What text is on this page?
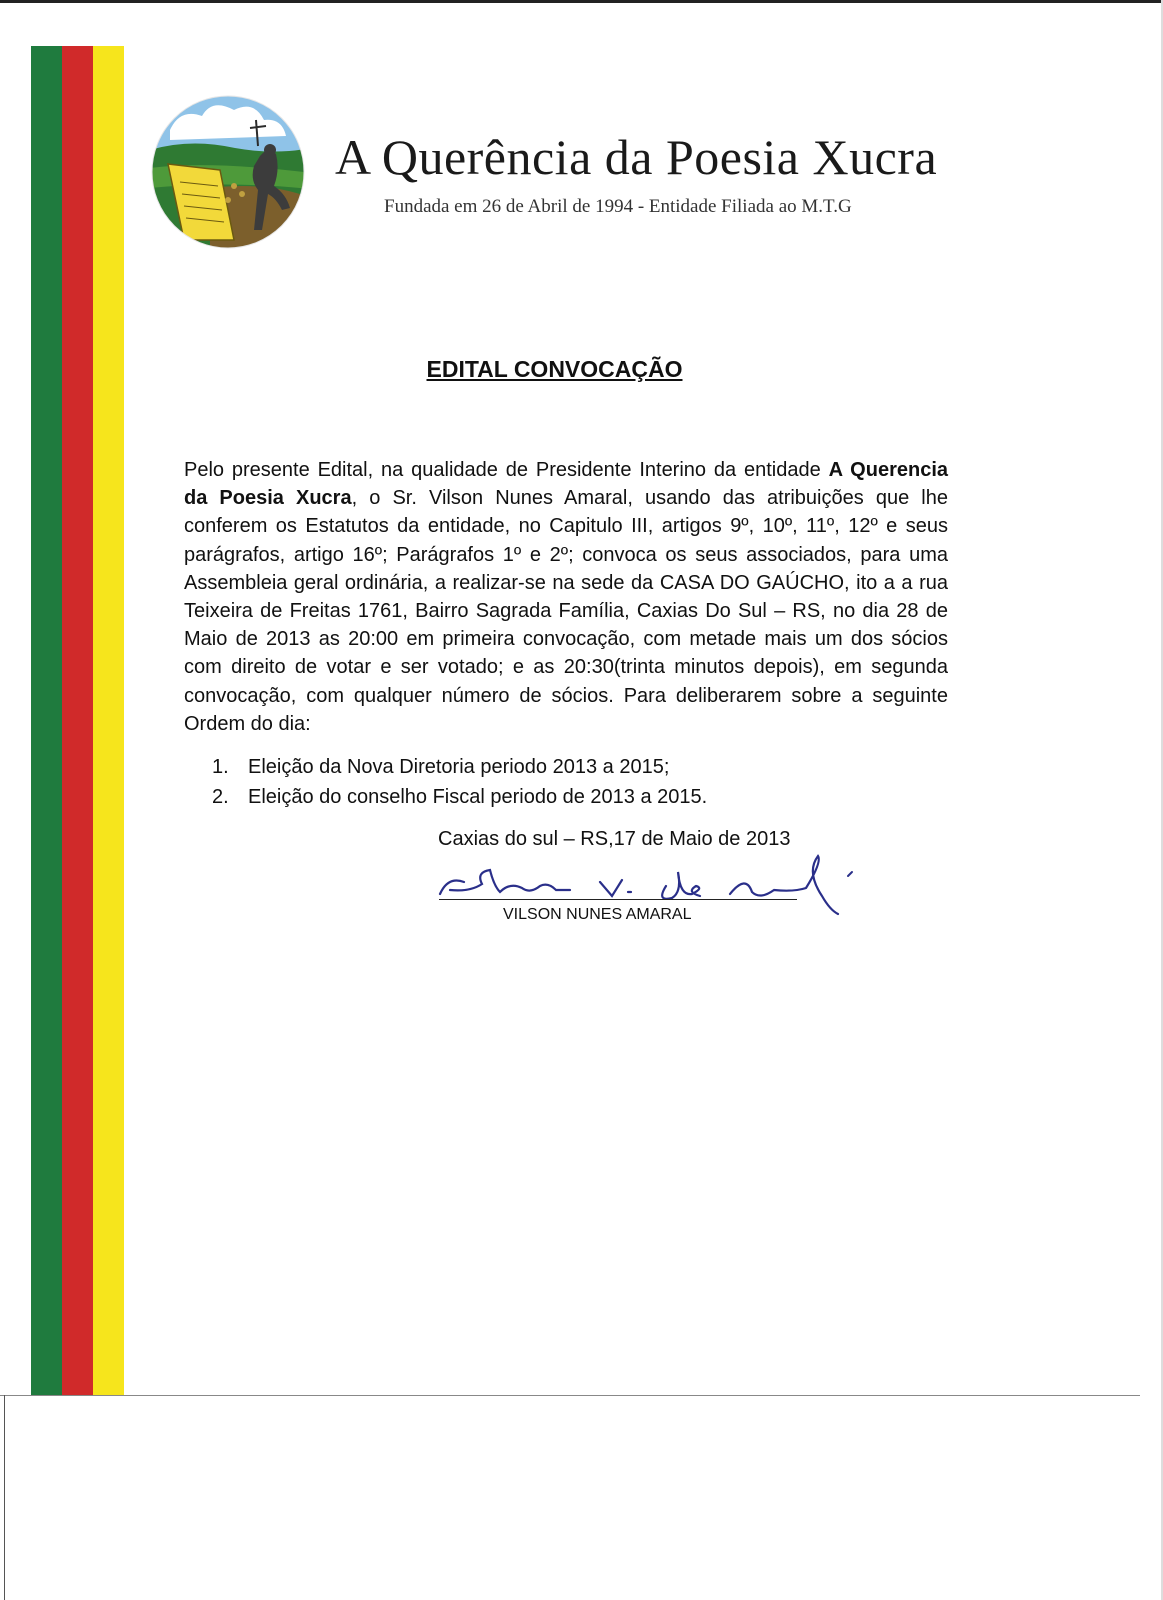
A Querência da Poesia Xucra
Fundada em 26 de Abril de 1994 - Entidade Filiada ao M.T.G
EDITAL CONVOCAÇÃO

Pelo presente Edital, na qualidade de Presidente Interino da entidade A Querencia da Poesia Xucra, o Sr. Vilson Nunes Amaral, usando das atribuições que lhe conferem os Estatutos da entidade, no Capitulo III, artigos 9º, 10º, 11º, 12º e seus parágrafos, artigo 16º; Parágrafos 1º e 2º; convoca os seus associados, para uma Assembleia geral ordinária, a realizar-se na sede da CASA DO GAÚCHO, ito a a rua Teixeira de Freitas 1761, Bairro Sagrada Família, Caxias Do Sul – RS, no dia 28 de Maio de 2013 as 20:00 em primeira convocação, com metade mais um dos sócios com direito de votar e ser votado; e as 20:30(trinta minutos depois), em segunda convocação, com qualquer número de sócios. Para deliberarem sobre a seguinte Ordem do dia:

1. Eleição da Nova Diretoria periodo 2013 a 2015;
2. Eleição do conselho Fiscal periodo de 2013 a 2015.
Caxias do sul – RS,17 de Maio de 2013
VILSON NUNES AMARAL
